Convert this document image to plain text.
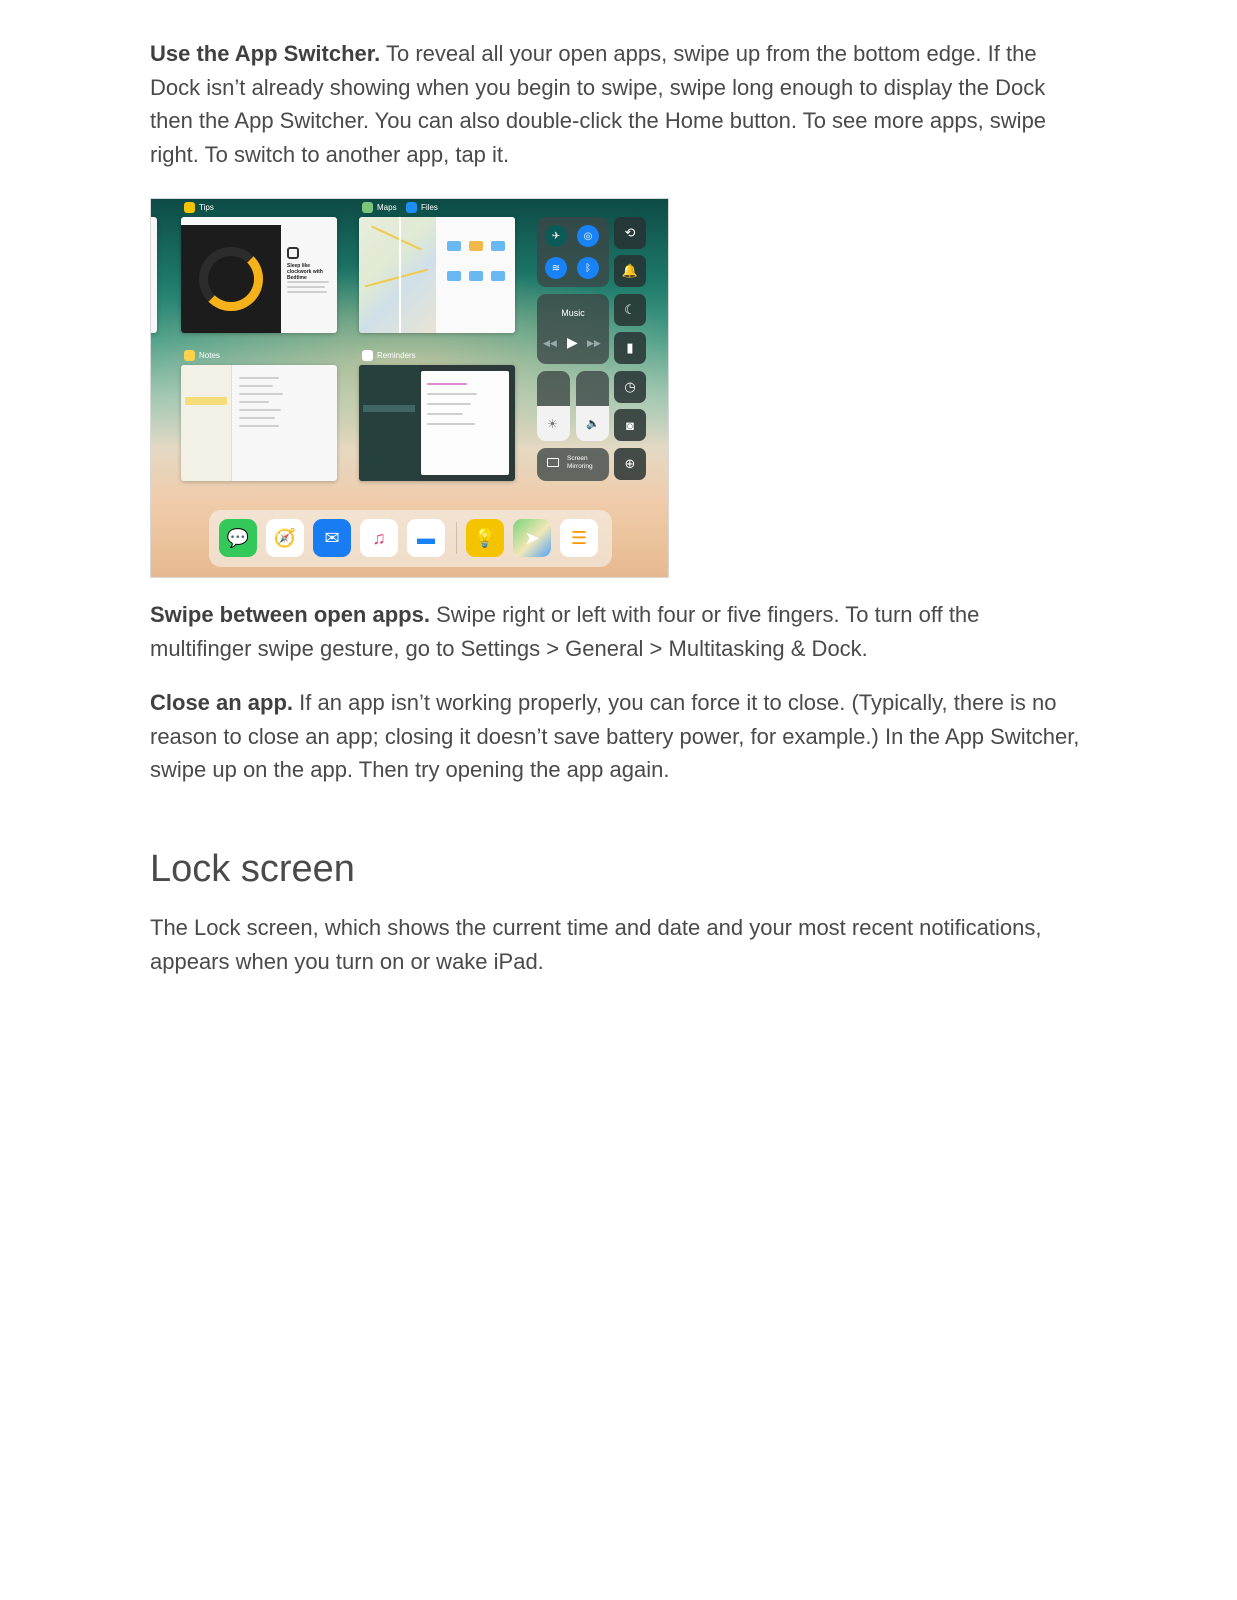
Use the App Switcher. To reveal all your open apps, swipe up from the bottom edge. If the Dock isn’t already showing when you begin to swipe, swipe long enough to display the Dock then the App Switcher. You can also double-click the Home button. To see more apps, swipe right. To switch to another app, tap it.

Tips
Sleep like clockwork with Bedtime
Maps	Files
Notes	Reminders
✈	◎
≋	ᛒ
Music
◀◀ ▶ ▶▶
☀	🔈
Screen
Mirroring
⟲
🔔
☾
▮
◷
◙
⊕
💬	🧭	✉	♫	▬	💡	➤	☰

Swipe between open apps. Swipe right or left with four or five fingers. To turn off the multifinger swipe gesture, go to Settings > General > Multitasking & Dock.

Close an app. If an app isn’t working properly, you can force it to close. (Typically, there is no reason to close an app; closing it doesn’t save battery power, for example.) In the App Switcher, swipe up on the app. Then try opening the app again.

Lock screen

The Lock screen, which shows the current time and date and your most recent notifications, appears when you turn on or wake iPad.
